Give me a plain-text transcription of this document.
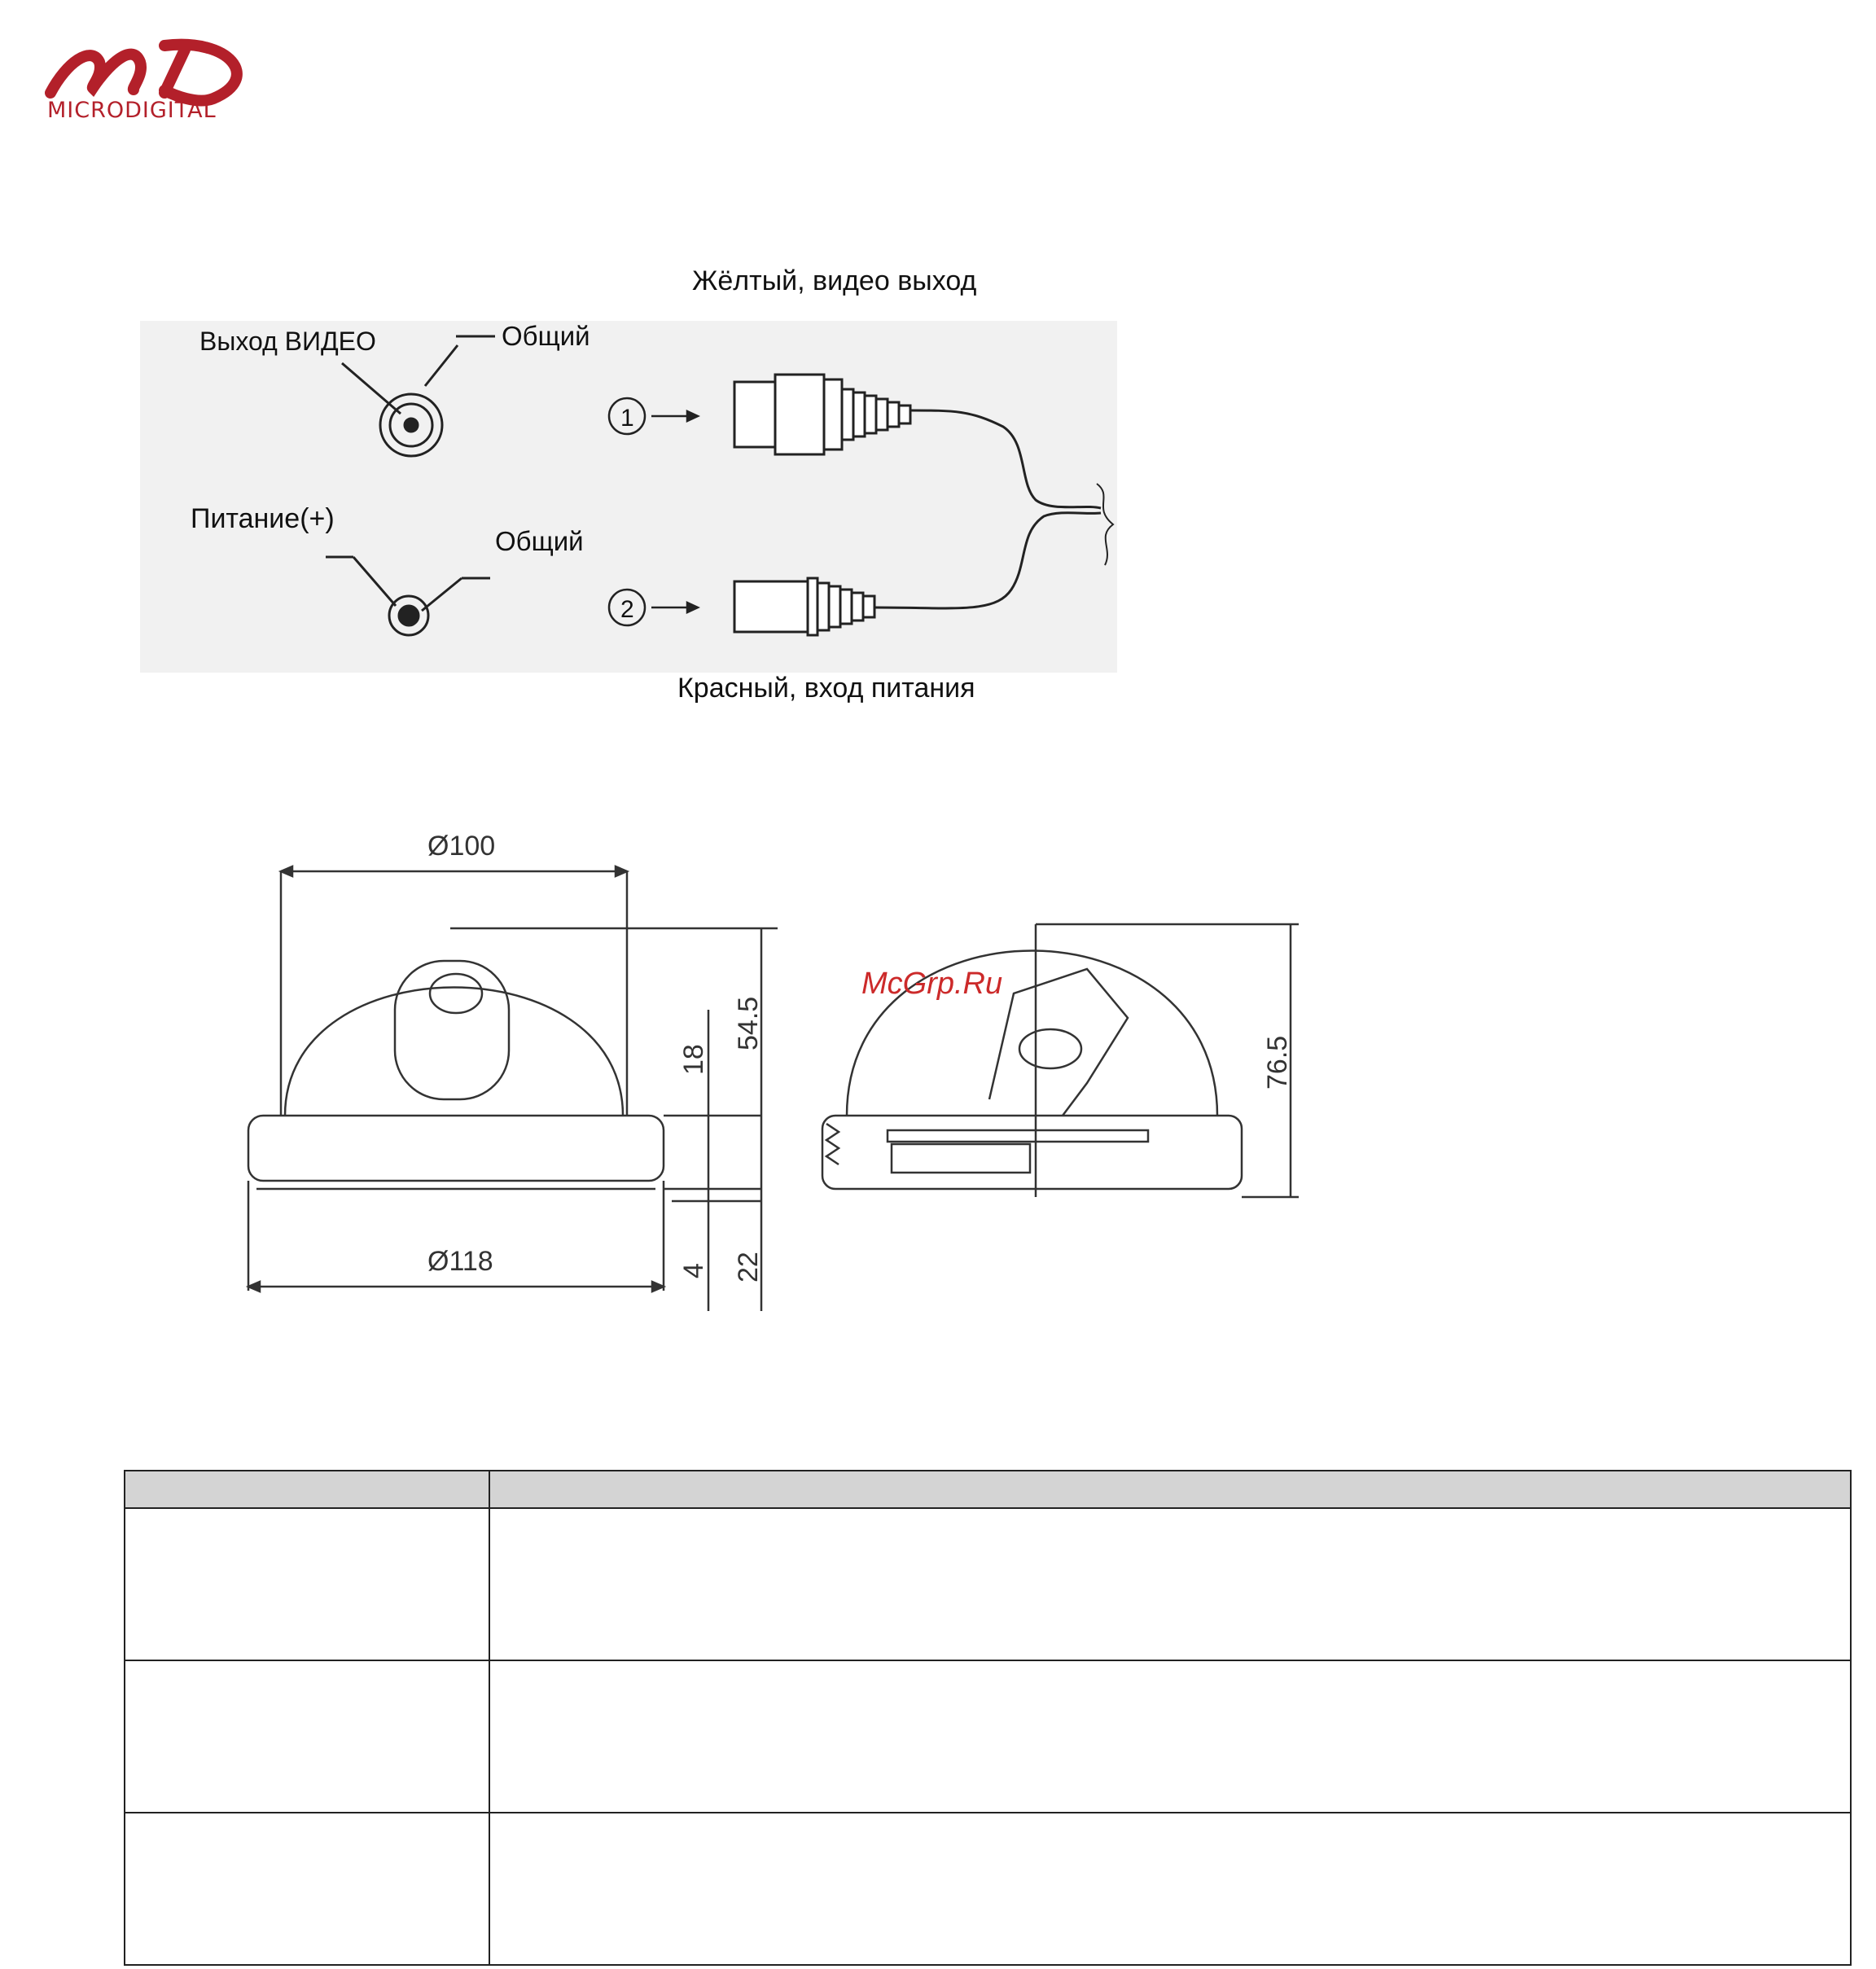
MICRODIGITAL
Жёлтый, видео выход
Красный, вход питания
Выход ВИДЕО	Общий
Питание(+)
Общий
1
2
Ø100
Ø118
54.5
18
4 22
76.5
McGrp.Ru
